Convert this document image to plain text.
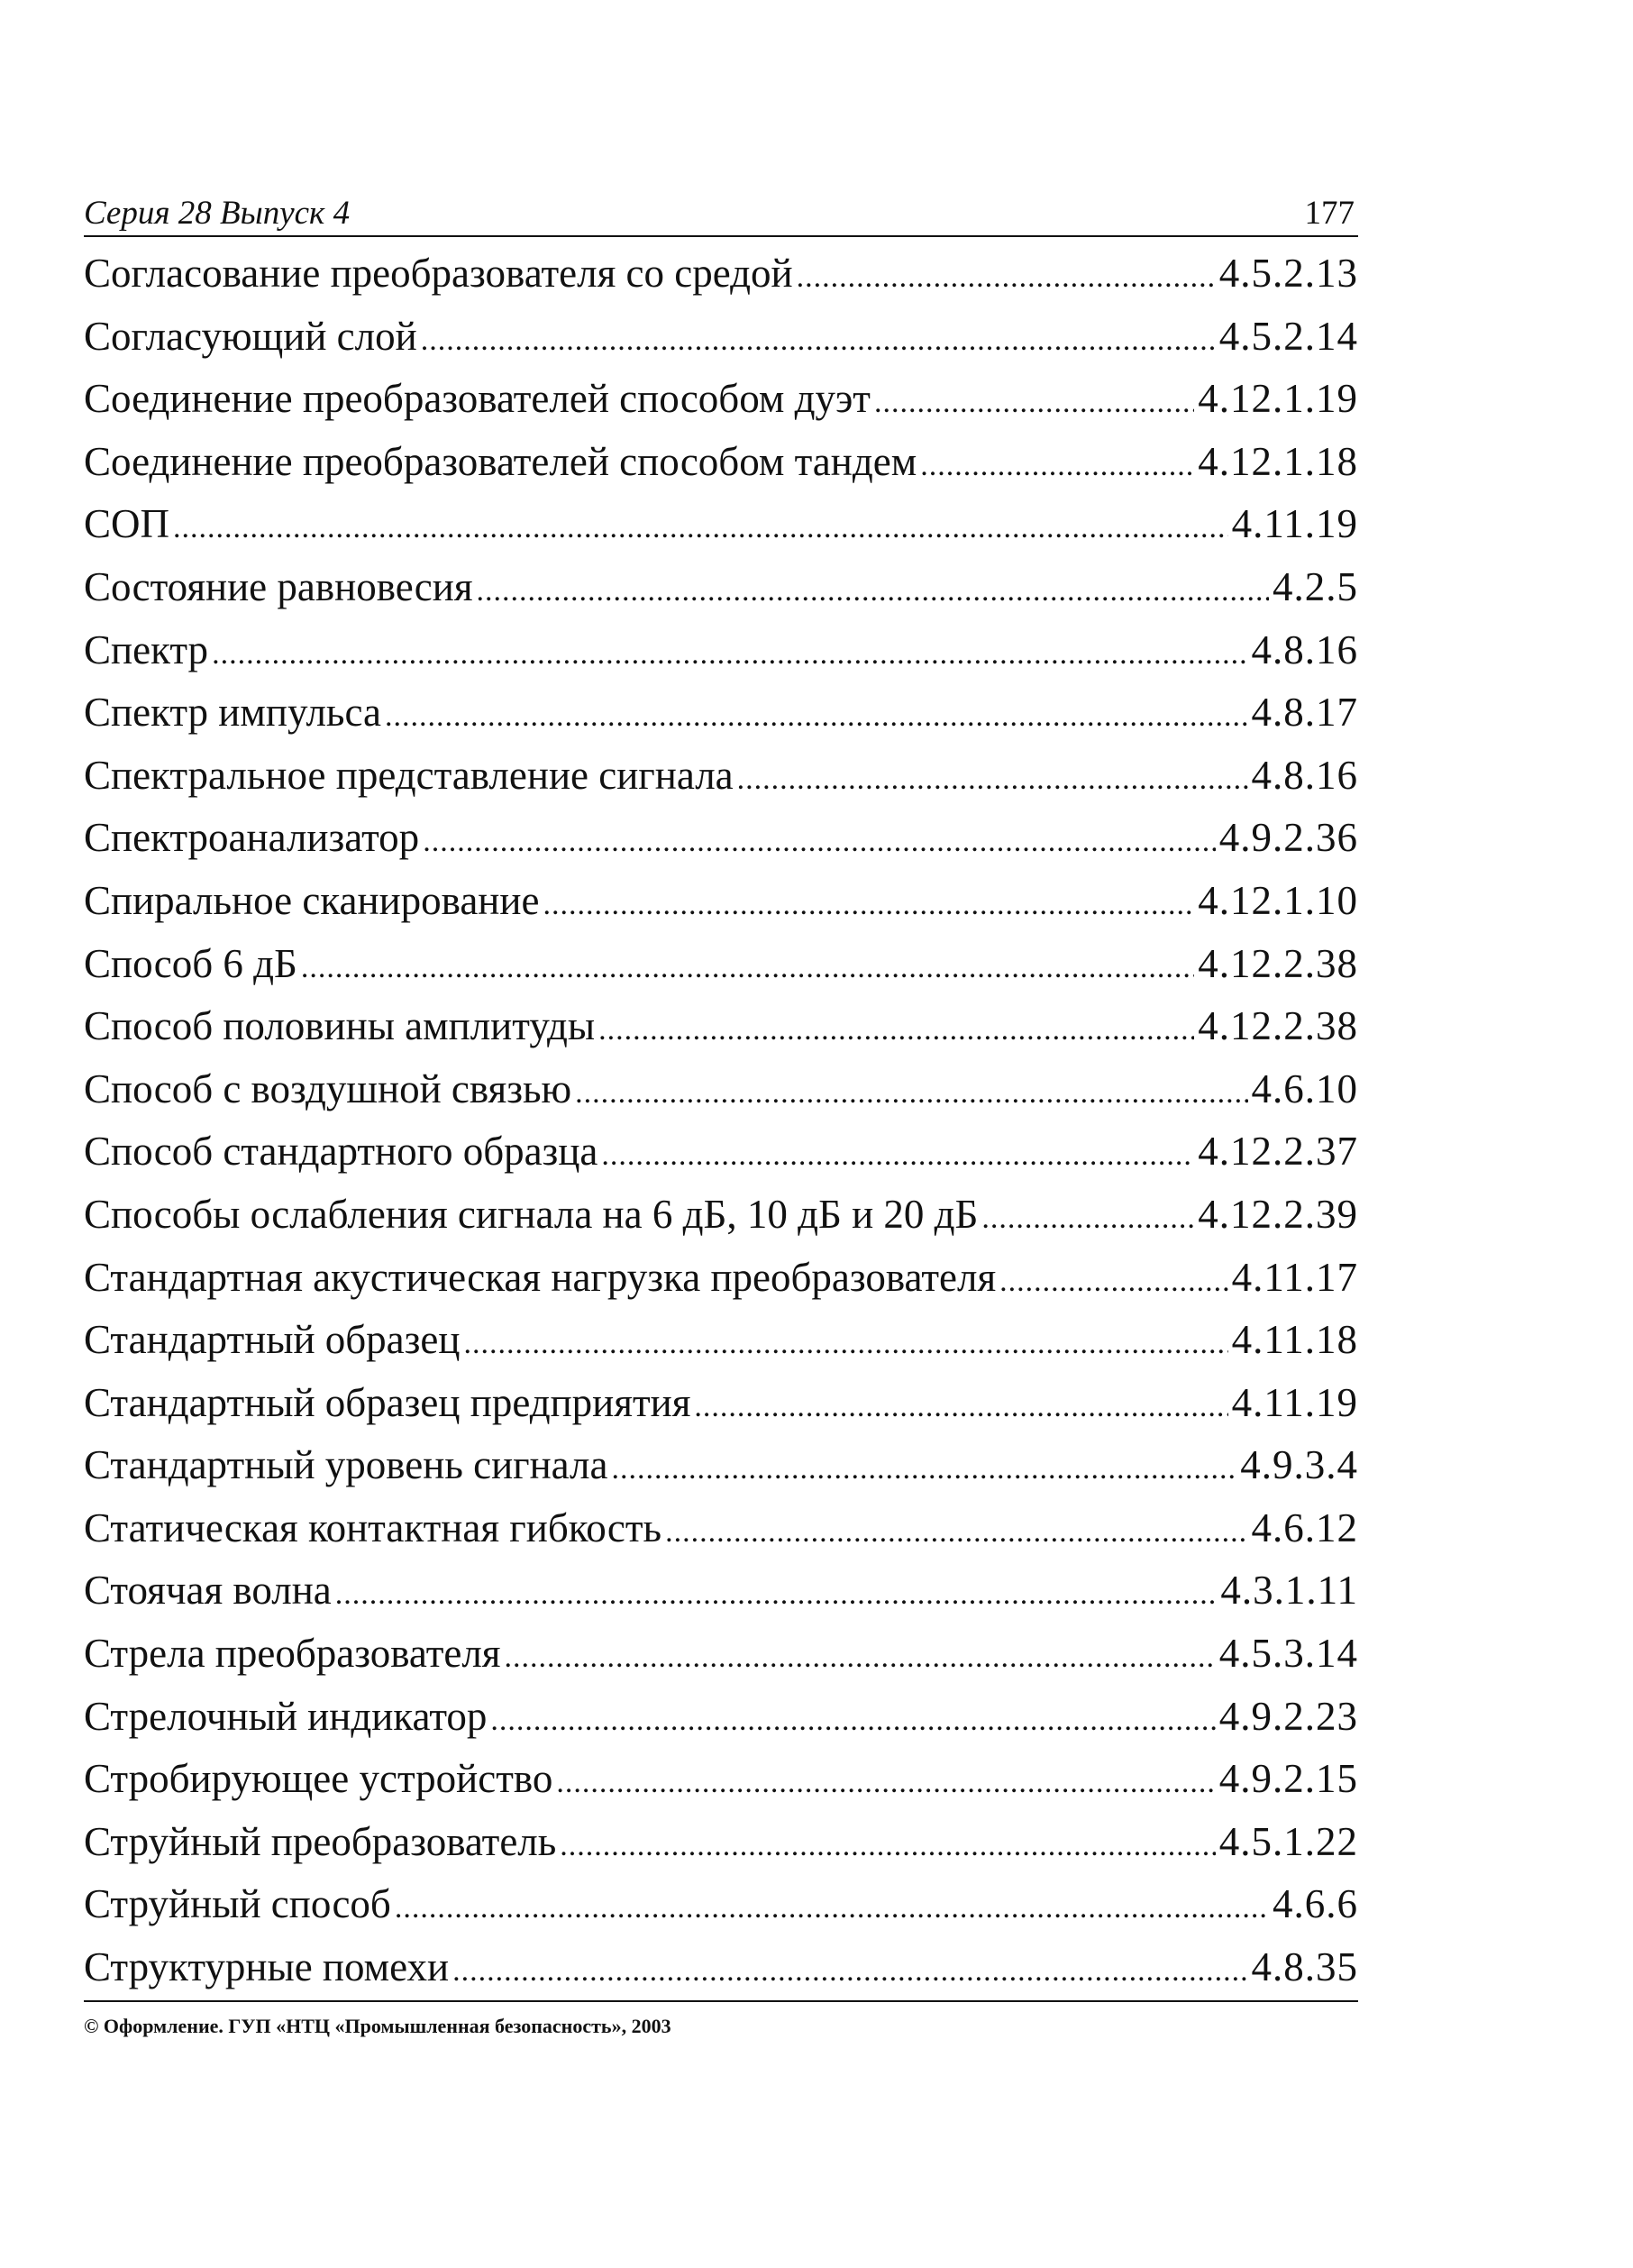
Серия 28 Выпуск 4	177
Согласование преобразователя со средой .....	4.5.2.13
Согласующий слой .....	4.5.2.14
Соединение преобразователей способом дуэт .....	4.12.1.19
Соединение преобразователей способом тандем .....	4.12.1.18
СОП .....	4.11.19
Состояние равновесия .....	4.2.5
Спектр .....	4.8.16
Спектр импульса .....	4.8.17
Спектральное представление сигнала .....	4.8.16
Спектроанализатор .....	4.9.2.36
Спиральное сканирование .....	4.12.1.10
Способ 6 дБ .....	4.12.2.38
Способ половины амплитуды .....	4.12.2.38
Способ с воздушной связью .....	4.6.10
Способ стандартного образца .....	4.12.2.37
Способы ослабления сигнала на 6 дБ, 10 дБ и 20 дБ .....	4.12.2.39
Стандартная акустическая нагрузка преобразователя .....	4.11.17
Стандартный образец .....	4.11.18
Стандартный образец предприятия .....	4.11.19
Стандартный уровень сигнала .....	4.9.3.4
Статическая контактная гибкость .....	4.6.12
Стоячая волна .....	4.3.1.11
Стрела преобразователя .....	4.5.3.14
Стрелочный индикатор .....	4.9.2.23
Стробирующее устройство .....	4.9.2.15
Струйный преобразователь .....	4.5.1.22
Струйный способ .....	4.6.6
Структурные помехи .....	4.8.35
© Оформление. ГУП «НТЦ «Промышленная безопасность», 2003
